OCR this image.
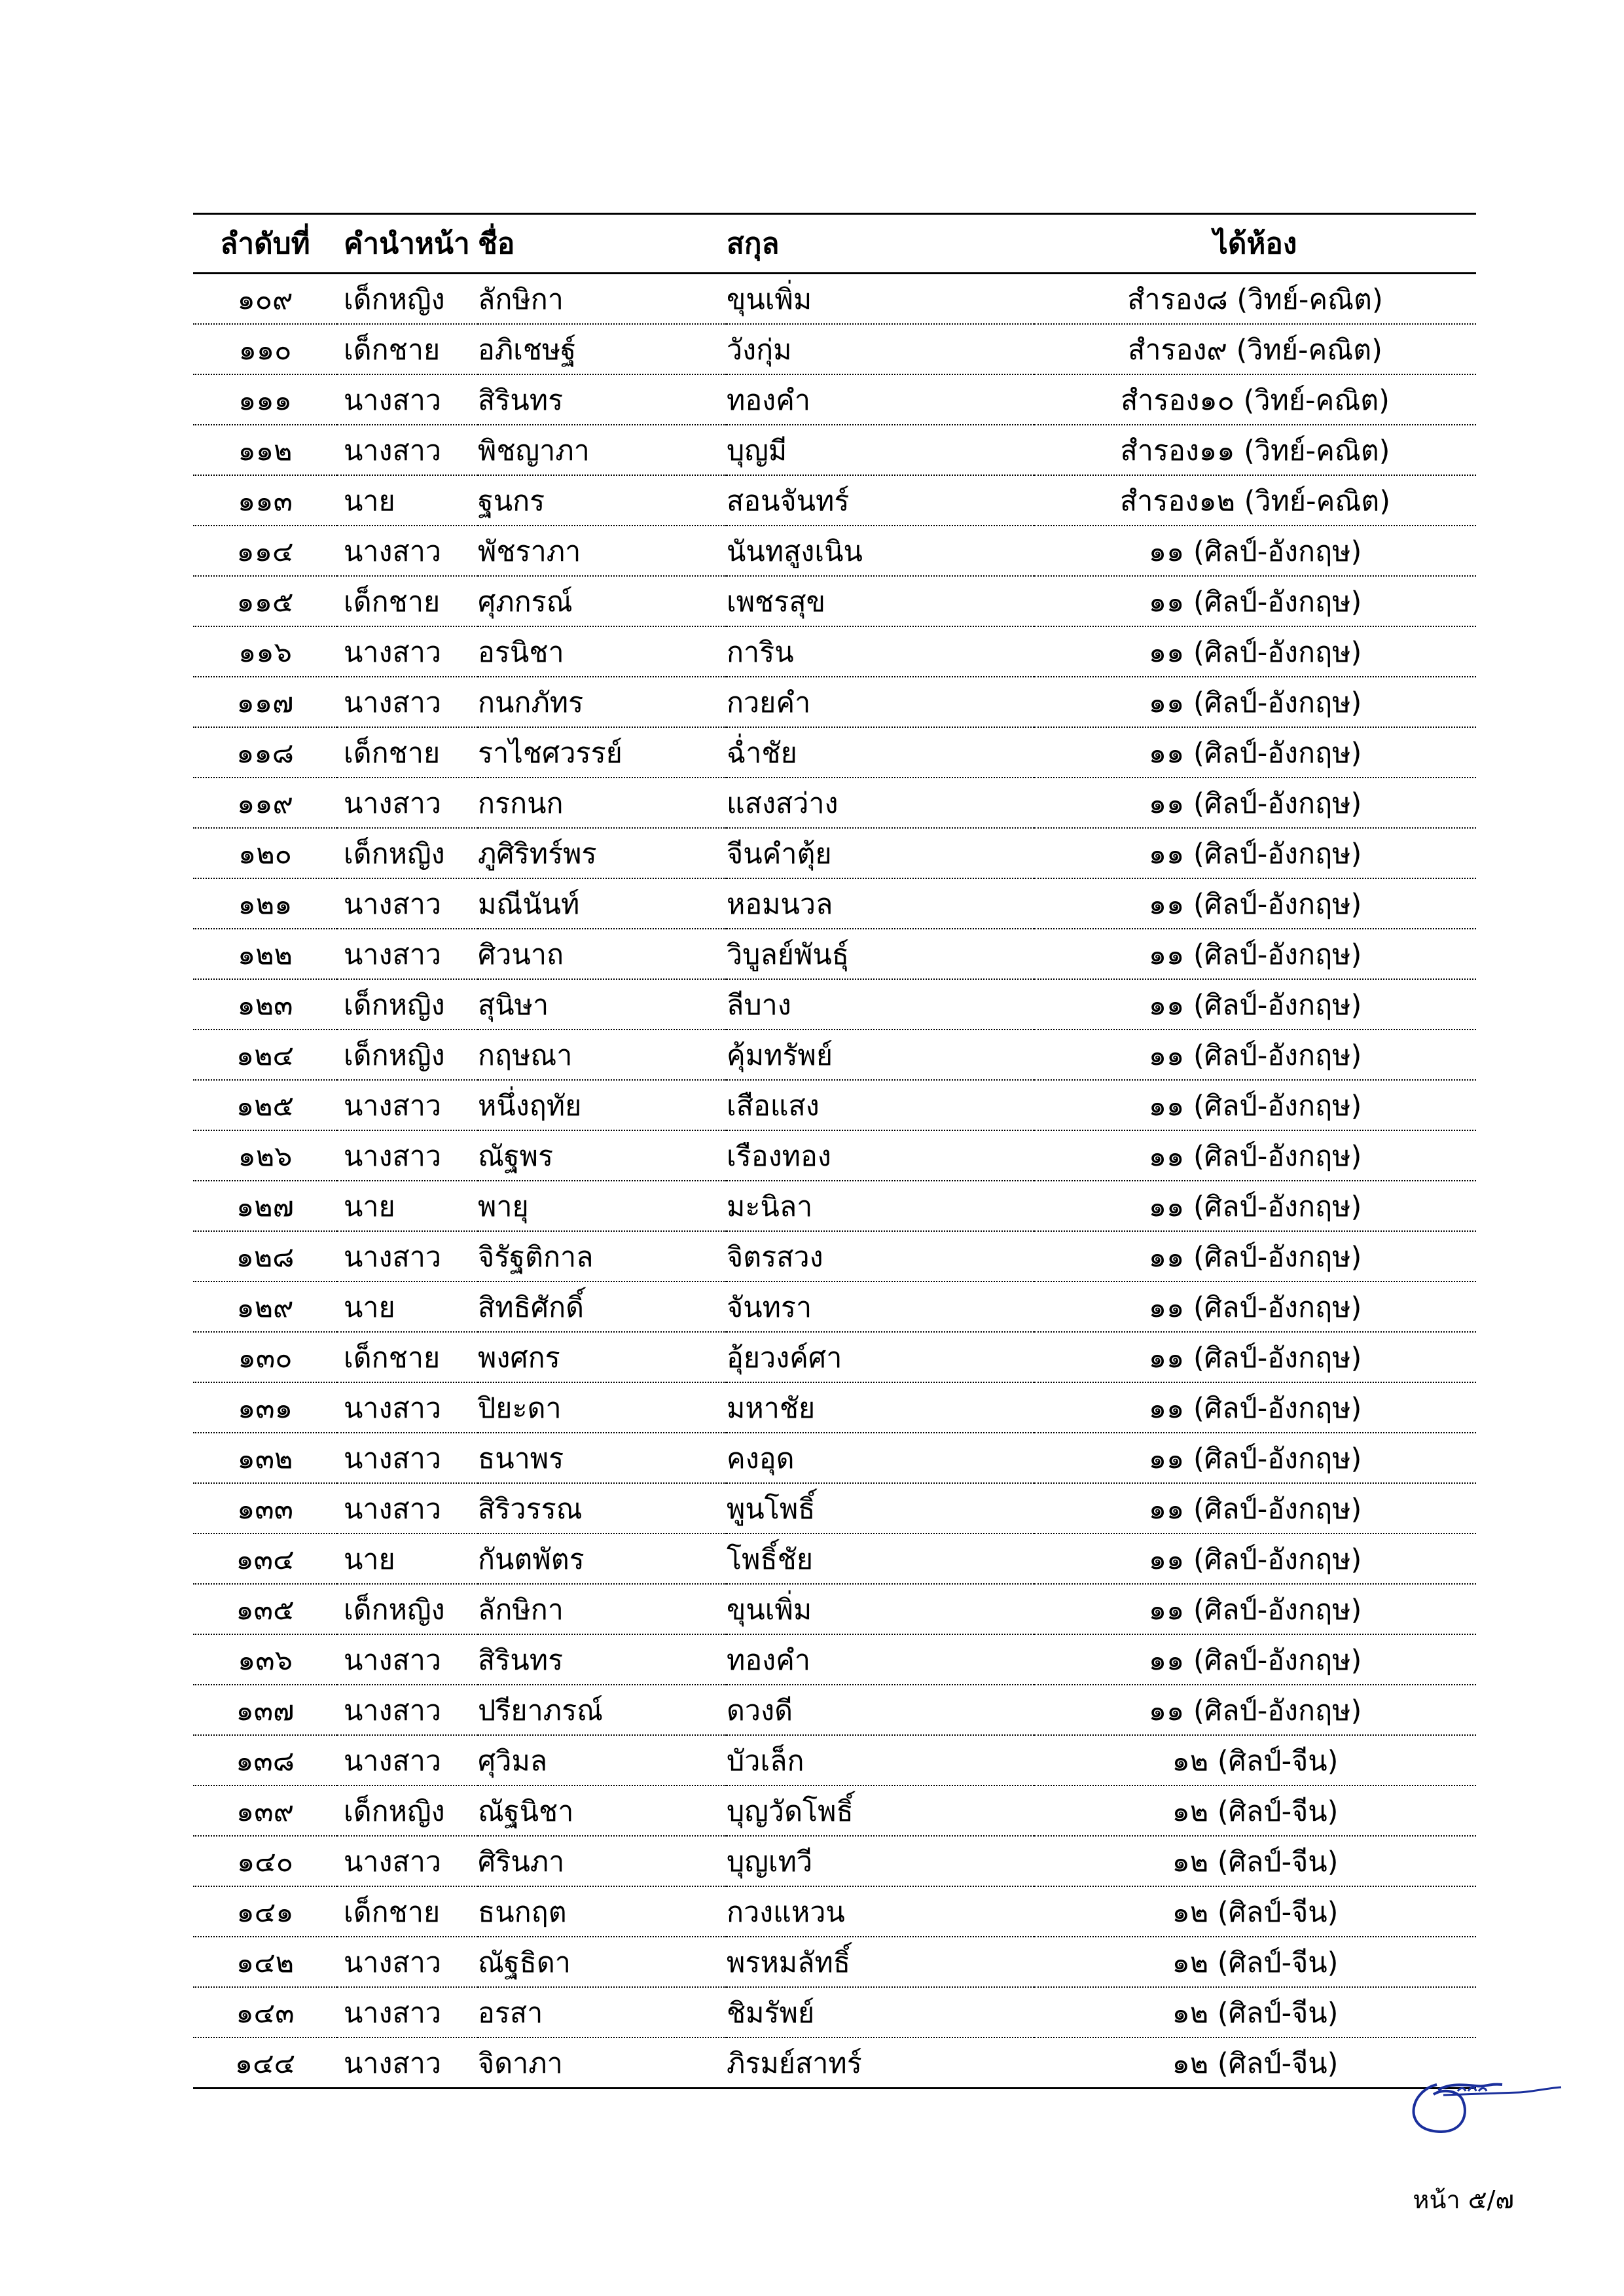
ลำดับที่	คำนำหน้า	ชื่อ	สกุล	ได้ห้อง
๑๐๙	เด็กหญิง	ลักษิกา	ขุนเพิ่ม	สำรอง๘ (วิทย์-คณิต)
๑๑๐	เด็กชาย	อภิเชษฐ์	วังกุ่ม	สำรอง๙ (วิทย์-คณิต)
๑๑๑	นางสาว	สิรินทร	ทองคำ	สำรอง๑๐ (วิทย์-คณิต)
๑๑๒	นางสาว	พิชญาภา	บุญมี	สำรอง๑๑ (วิทย์-คณิต)
๑๑๓	นาย	ฐนกร	สอนจันทร์	สำรอง๑๒ (วิทย์-คณิต)
๑๑๔	นางสาว	พัชราภา	นันทสูงเนิน	๑๑ (ศิลป์-อังกฤษ)
๑๑๕	เด็กชาย	ศุภกรณ์	เพชรสุข	๑๑ (ศิลป์-อังกฤษ)
๑๑๖	นางสาว	อรนิชา	การิน	๑๑ (ศิลป์-อังกฤษ)
๑๑๗	นางสาว	กนกภัทร	กวยคำ	๑๑ (ศิลป์-อังกฤษ)
๑๑๘	เด็กชาย	ราไชศวรรย์	ฉ่ำชัย	๑๑ (ศิลป์-อังกฤษ)
๑๑๙	นางสาว	กรกนก	แสงสว่าง	๑๑ (ศิลป์-อังกฤษ)
๑๒๐	เด็กหญิง	ภูศิริทร์พร	จีนคำตุ้ย	๑๑ (ศิลป์-อังกฤษ)
๑๒๑	นางสาว	มณีนันท์	หอมนวล	๑๑ (ศิลป์-อังกฤษ)
๑๒๒	นางสาว	ศิวนาถ	วิบูลย์พันธุ์	๑๑ (ศิลป์-อังกฤษ)
๑๒๓	เด็กหญิง	สุนิษา	ลีบาง	๑๑ (ศิลป์-อังกฤษ)
๑๒๔	เด็กหญิง	กฤษณา	คุ้มทรัพย์	๑๑ (ศิลป์-อังกฤษ)
๑๒๕	นางสาว	หนึ่งฤทัย	เสือแสง	๑๑ (ศิลป์-อังกฤษ)
๑๒๖	นางสาว	ณัฐพร	เรืองทอง	๑๑ (ศิลป์-อังกฤษ)
๑๒๗	นาย	พายุ	มะนิลา	๑๑ (ศิลป์-อังกฤษ)
๑๒๘	นางสาว	จิรัฐติกาล	จิตรสวง	๑๑ (ศิลป์-อังกฤษ)
๑๒๙	นาย	สิทธิศักดิ์	จันทรา	๑๑ (ศิลป์-อังกฤษ)
๑๓๐	เด็กชาย	พงศกร	อุ้ยวงค์ศา	๑๑ (ศิลป์-อังกฤษ)
๑๓๑	นางสาว	ปิยะดา	มหาชัย	๑๑ (ศิลป์-อังกฤษ)
๑๓๒	นางสาว	ธนาพร	คงอุด	๑๑ (ศิลป์-อังกฤษ)
๑๓๓	นางสาว	สิริวรรณ	พูนโพธิ์	๑๑ (ศิลป์-อังกฤษ)
๑๓๔	นาย	กันตพัตร	โพธิ์ชัย	๑๑ (ศิลป์-อังกฤษ)
๑๓๕	เด็กหญิง	ลักษิกา	ขุนเพิ่ม	๑๑ (ศิลป์-อังกฤษ)
๑๓๖	นางสาว	สิรินทร	ทองคำ	๑๑ (ศิลป์-อังกฤษ)
๑๓๗	นางสาว	ปรียาภรณ์	ดวงดี	๑๑ (ศิลป์-อังกฤษ)
๑๓๘	นางสาว	ศุวิมล	บัวเล็ก	๑๒ (ศิลป์-จีน)
๑๓๙	เด็กหญิง	ณัฐนิชา	บุญวัดโพธิ์	๑๒ (ศิลป์-จีน)
๑๔๐	นางสาว	ศิรินภา	บุญเทวี	๑๒ (ศิลป์-จีน)
๑๔๑	เด็กชาย	ธนกฤต	กวงแหวน	๑๒ (ศิลป์-จีน)
๑๔๒	นางสาว	ณัฐธิดา	พรหมลัทธิ์	๑๒ (ศิลป์-จีน)
๑๔๓	นางสาว	อรสา	ชิมรัพย์	๑๒ (ศิลป์-จีน)
๑๔๔	นางสาว	จิดาภา	ภิรมย์สาทร์	๑๒ (ศิลป์-จีน)
หน้า ๕/๗
